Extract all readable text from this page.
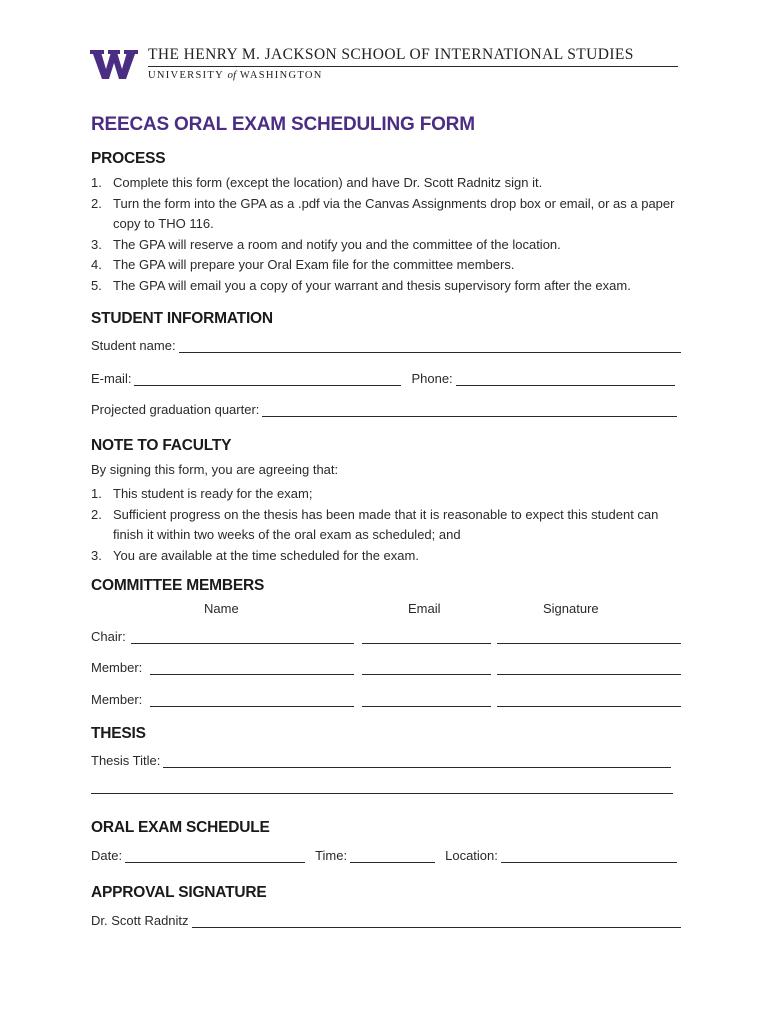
THE HENRY M. JACKSON SCHOOL OF INTERNATIONAL STUDIES
UNIVERSITY of WASHINGTON
REECAS ORAL EXAM SCHEDULING FORM
PROCESS
1. Complete this form (except the location) and have Dr. Scott Radnitz sign it.
2. Turn the form into the GPA as a .pdf via the Canvas Assignments drop box or email, or as a paper copy to THO 116.
3. The GPA will reserve a room and notify you and the committee of the location.
4. The GPA will prepare your Oral Exam file for the committee members.
5. The GPA will email you a copy of your warrant and thesis supervisory form after the exam.
STUDENT INFORMATION
Student name:
E-mail:	Phone:
Projected graduation quarter:
NOTE TO FACULTY
By signing this form, you are agreeing that:
1. This student is ready for the exam;
2. Sufficient progress on the thesis has been made that it is reasonable to expect this student can finish it within two weeks of the oral exam as scheduled; and
3. You are available at the time scheduled for the exam.
COMMITTEE MEMBERS
Name	Email	Signature
Chair:
Member:
Member:
THESIS
Thesis Title:
ORAL EXAM SCHEDULE
Date:	Time:	Location:
APPROVAL SIGNATURE
Dr. Scott Radnitz
